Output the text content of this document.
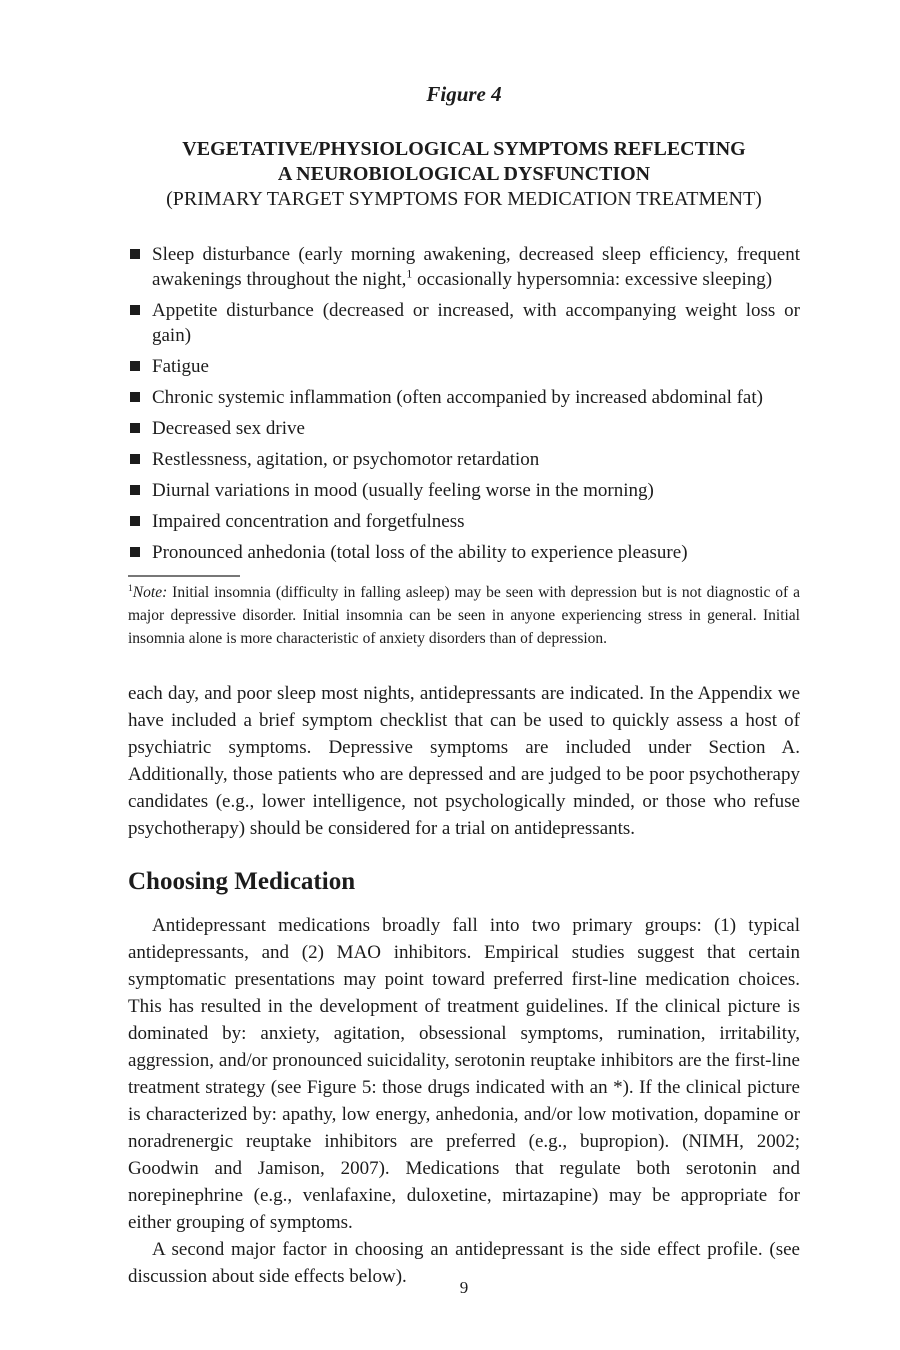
Figure 4

VEGETATIVE/PHYSIOLOGICAL SYMPTOMS REFLECTING

A NEUROBIOLOGICAL DYSFUNCTION

(PRIMARY TARGET SYMPTOMS FOR MEDICATION TREATMENT)

Sleep disturbance (early morning awakening, decreased sleep efficiency, frequent awakenings throughout the night,$^1$ occasionally hypersomnia: excessive sleeping)
Appetite disturbance (decreased or increased, with accompanying weight loss or gain)
Fatigue
Chronic systemic inflammation (often accompanied by increased abdominal fat)
Decreased sex drive
Restlessness, agitation, or psychomotor retardation
Diurnal variations in mood (usually feeling worse in the morning)
Impaired concentration and forgetfulness
Pronounced anhedonia (total loss of the ability to experience pleasure)

$^1$Note: Initial insomnia (difficulty in falling asleep) may be seen with depression but is not diagnostic of a major depressive disorder. Initial insomnia can be seen in anyone experiencing stress in general. Initial insomnia alone is more characteristic of anxiety disorders than of depression.

each day, and poor sleep most nights, antidepressants are indicated. In the Appendix we have included a brief symptom checklist that can be used to quickly assess a host of psychiatric symptoms. Depressive symptoms are included under Section A. Additionally, those patients who are depressed and are judged to be poor psychotherapy candidates (e.g., lower intelligence, not psychologically minded, or those who refuse psychotherapy) should be considered for a trial on antidepressants.

Choosing Medication

Antidepressant medications broadly fall into two primary groups: (1) typical antidepressants, and (2) MAO inhibitors. Empirical studies suggest that certain symptomatic presentations may point toward preferred first-line medication choices. This has resulted in the development of treatment guidelines. If the clinical picture is dominated by: anxiety, agitation, obsessional symptoms, rumination, irritability, aggression, and/or pronounced suicidality, serotonin reuptake inhibitors are the first-line treatment strategy (see Figure 5: those drugs indicated with an *). If the clinical picture is characterized by: apathy, low energy, anhedonia, and/or low motivation, dopamine or noradrenergic reuptake inhibitors are preferred (e.g., bupropion). (NIMH, 2002; Goodwin and Jamison, 2007). Medications that regulate both serotonin and norepinephrine (e.g., venlafaxine, duloxetine, mirtazapine) may be appropriate for either grouping of symptoms.

A second major factor in choosing an antidepressant is the side effect profile. (see discussion about side effects below).

9
